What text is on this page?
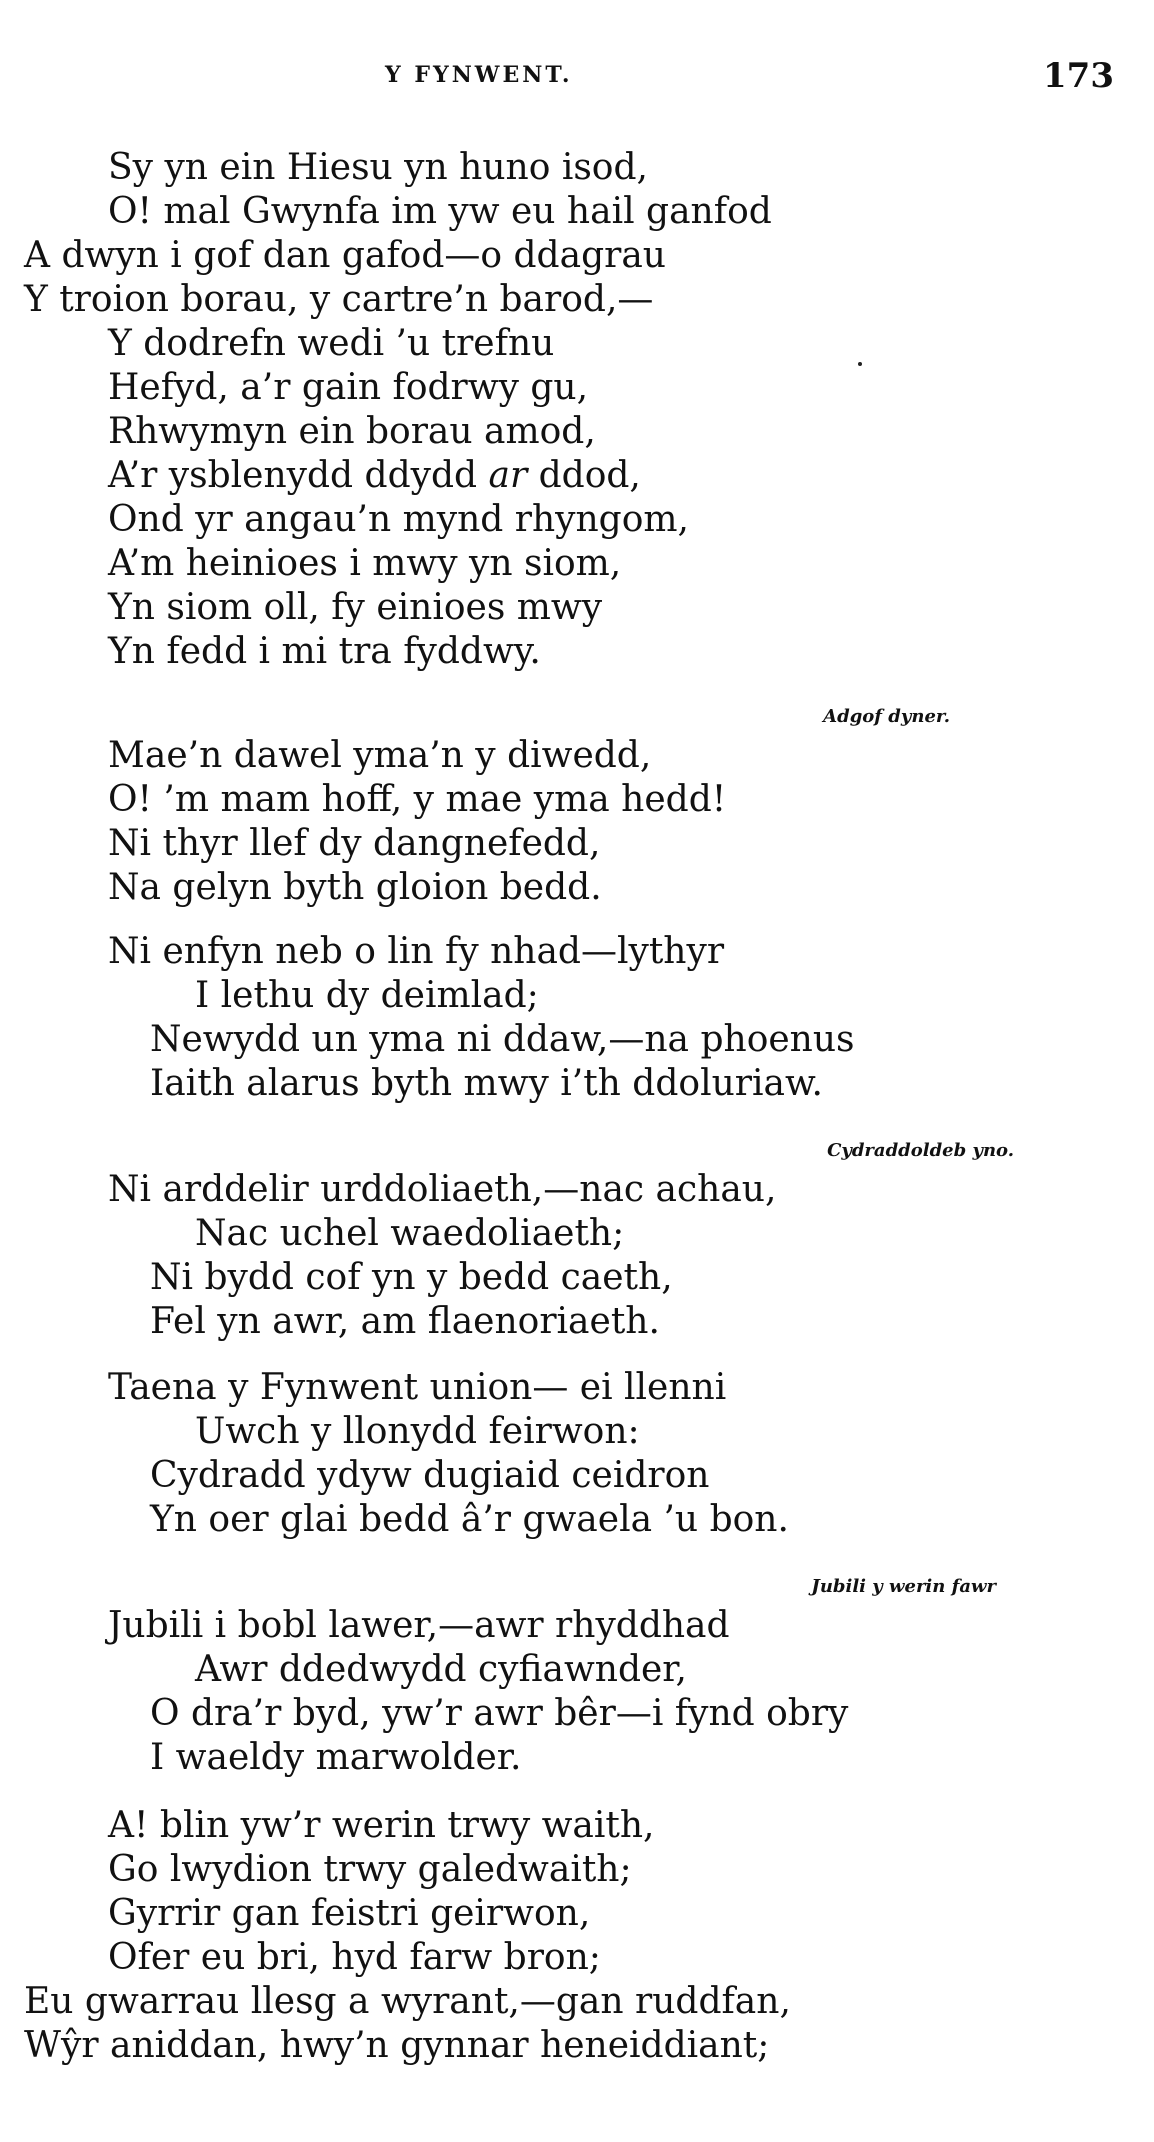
Y FYNWENT.	173
Sy yn ein Hiesu yn huno isod,
O! mal Gwynfa im yw eu hail ganfod
A dwyn i gof dan gafod—o ddagrau
Y troion borau, y cartre’n barod,—
Y dodrefn wedi ’u trefnu
Hefyd, a’r gain fodrwy gu,
Rhwymyn ein borau amod,
A’r ysblenydd ddydd ar ddod,
Ond yr angau’n mynd rhyngom,
A’m heinioes i mwy yn siom,
Yn siom oll, fy einioes mwy
Yn fedd i mi tra fyddwy.
Adgof dyner.
Mae’n dawel yma’n y diwedd,
O! ’m mam hoff, y mae yma hedd!
Ni thyr llef dy dangnefedd,
Na gelyn byth gloion bedd.
Ni enfyn neb o lin fy nhad—lythyr
I lethu dy deimlad;
Newydd un yma ni ddaw,—na phoenus
Iaith alarus byth mwy i’th ddoluriaw.
Cydraddoldeb yno.
Ni arddelir urddoliaeth,—nac achau,
Nac uchel waedoliaeth;
Ni bydd cof yn y bedd caeth,
Fel yn awr, am flaenoriaeth.
Taena y Fynwent union— ei llenni
Uwch y llonydd feirwon:
Cydradd ydyw dugiaid ceidron
Yn oer glai bedd â’r gwaela ’u bon.
Jubili y werin fawr
Jubili i bobl lawer,—awr rhyddhad
Awr ddedwydd cyfiawnder,
O dra’r byd, yw’r awr bêr—i fynd obry
I waeldy marwolder.
A! blin yw’r werin trwy waith,
Go lwydion trwy galedwaith;
Gyrrir gan feistri geirwon,
Ofer eu bri, hyd farw bron;
Eu gwarrau llesg a wyrant,—gan ruddfan,
Wŷr aniddan, hwy’n gynnar heneiddiant;
